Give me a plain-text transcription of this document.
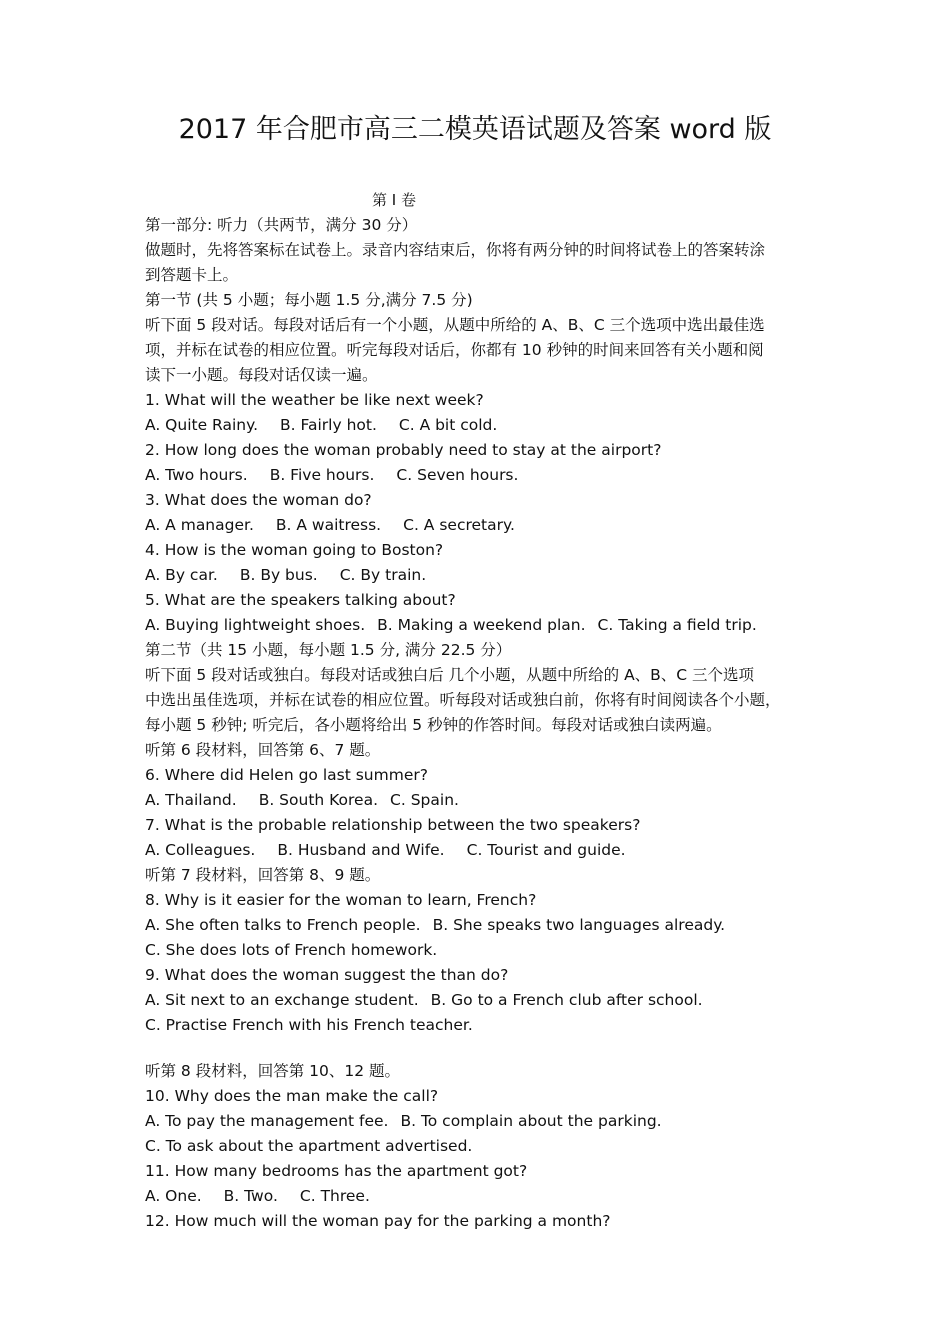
2017 年合肥市高三二模英语试题及答案 word 版
第 I 卷
第一部分: 听力（共两节，满分 30 分）
做题时，先将答案标在试卷上。录音内容结束后，你将有两分钟的时间将试卷上的答案转涂
到答题卡上。
第一节 (共 5 小题；每小题 1.5 分,满分 7.5 分)
听下面 5 段对话。每段对话后有一个小题，从题中所给的 A、B、C 三个选项中选出最佳选
项，并标在试卷的相应位置。听完每段对话后，你都有 10 秒钟的时间来回答有关小题和阅
读下一小题。每段对话仅读一遍。
1. What will the weather be like next week?
A. Quite Rainy. B. Fairly hot. C. A bit cold.
2. How long does the woman probably need to stay at the airport?
A. Two hours. B. Five hours. C. Seven hours.
3. What does the woman do?
A. A manager. B. A waitress. C. A secretary.
4. How is the woman going to Boston?
A. By car. B. By bus. C. By train.
5. What are the speakers talking about?
A. Buying lightweight shoes. B. Making a weekend plan. C. Taking a field trip.
第二节（共 15 小题，每小题 1.5 分, 满分 22.5 分）
听下面 5 段对话或独白。每段对话或独白后 几个小题，从题中所给的 A、B、C 三个选项
中选出虽佳选项，并标在试卷的相应位置。听每段对话或独白前，你将有时间阅读各个小题，
每小题 5 秒钟; 听完后，各小题将给出 5 秒钟的作答时间。每段对话或独白读两遍。
听第 6 段材料，回答第 6、7 题。
6. Where did Helen go last summer?
A. Thailand. B. South Korea. C. Spain.
7. What is the probable relationship between the two speakers?
A. Colleagues. B. Husband and Wife. C. Tourist and guide.
听第 7 段材料，回答第 8、9 题。
8. Why is it easier for the woman to learn, French?
A. She often talks to French people. B. She speaks two languages already.
C. She does lots of French homework.
9. What does the woman suggest the than do?
A. Sit next to an exchange student. B. Go to a French club after school.
C. Practise French with his French teacher.
听第 8 段材料，回答第 10、12 题。
10. Why does the man make the call?
A. To pay the management fee. B. To complain about the parking.
C. To ask about the apartment advertised.
11. How many bedrooms has the apartment got?
A. One. B. Two. C. Three.
12. How much will the woman pay for the parking a month?
